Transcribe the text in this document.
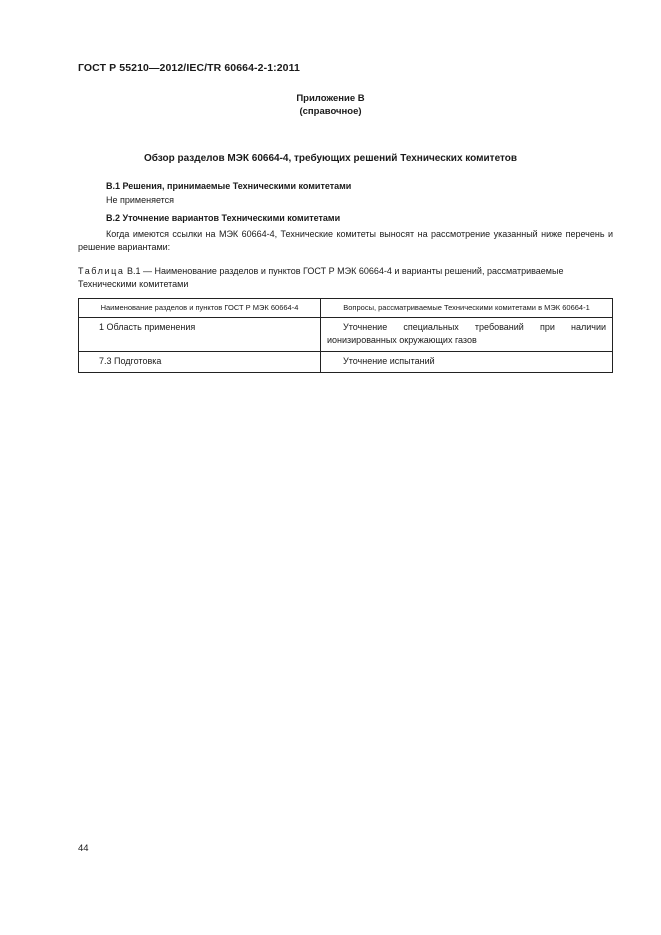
ГОСТ Р 55210—2012/IEC/TR 60664-2-1:2011
Приложение В
(справочное)
Обзор разделов МЭК 60664-4, требующих решений Технических комитетов
В.1 Решения, принимаемые Техническими комитетами
Не применяется
В.2 Уточнение вариантов Техническими комитетами
Когда имеются ссылки на МЭК 60664-4, Технические комитеты выносят на рассмотрение указанный ниже перечень и решение вариантами:
Таблица В.1 — Наименование разделов и пунктов ГОСТ Р МЭК 60664-4 и варианты решений, рассматриваемые Техническими комитетами
Наименование разделов и пунктов ГОСТ Р МЭК 60664-4	Вопросы, рассматриваемые Техническими комитетами в МЭК 60664-1
1 Область применения	Уточнение специальных требований при наличии ионизированных окружающих газов
7.3 Подготовка	Уточнение испытаний
44
